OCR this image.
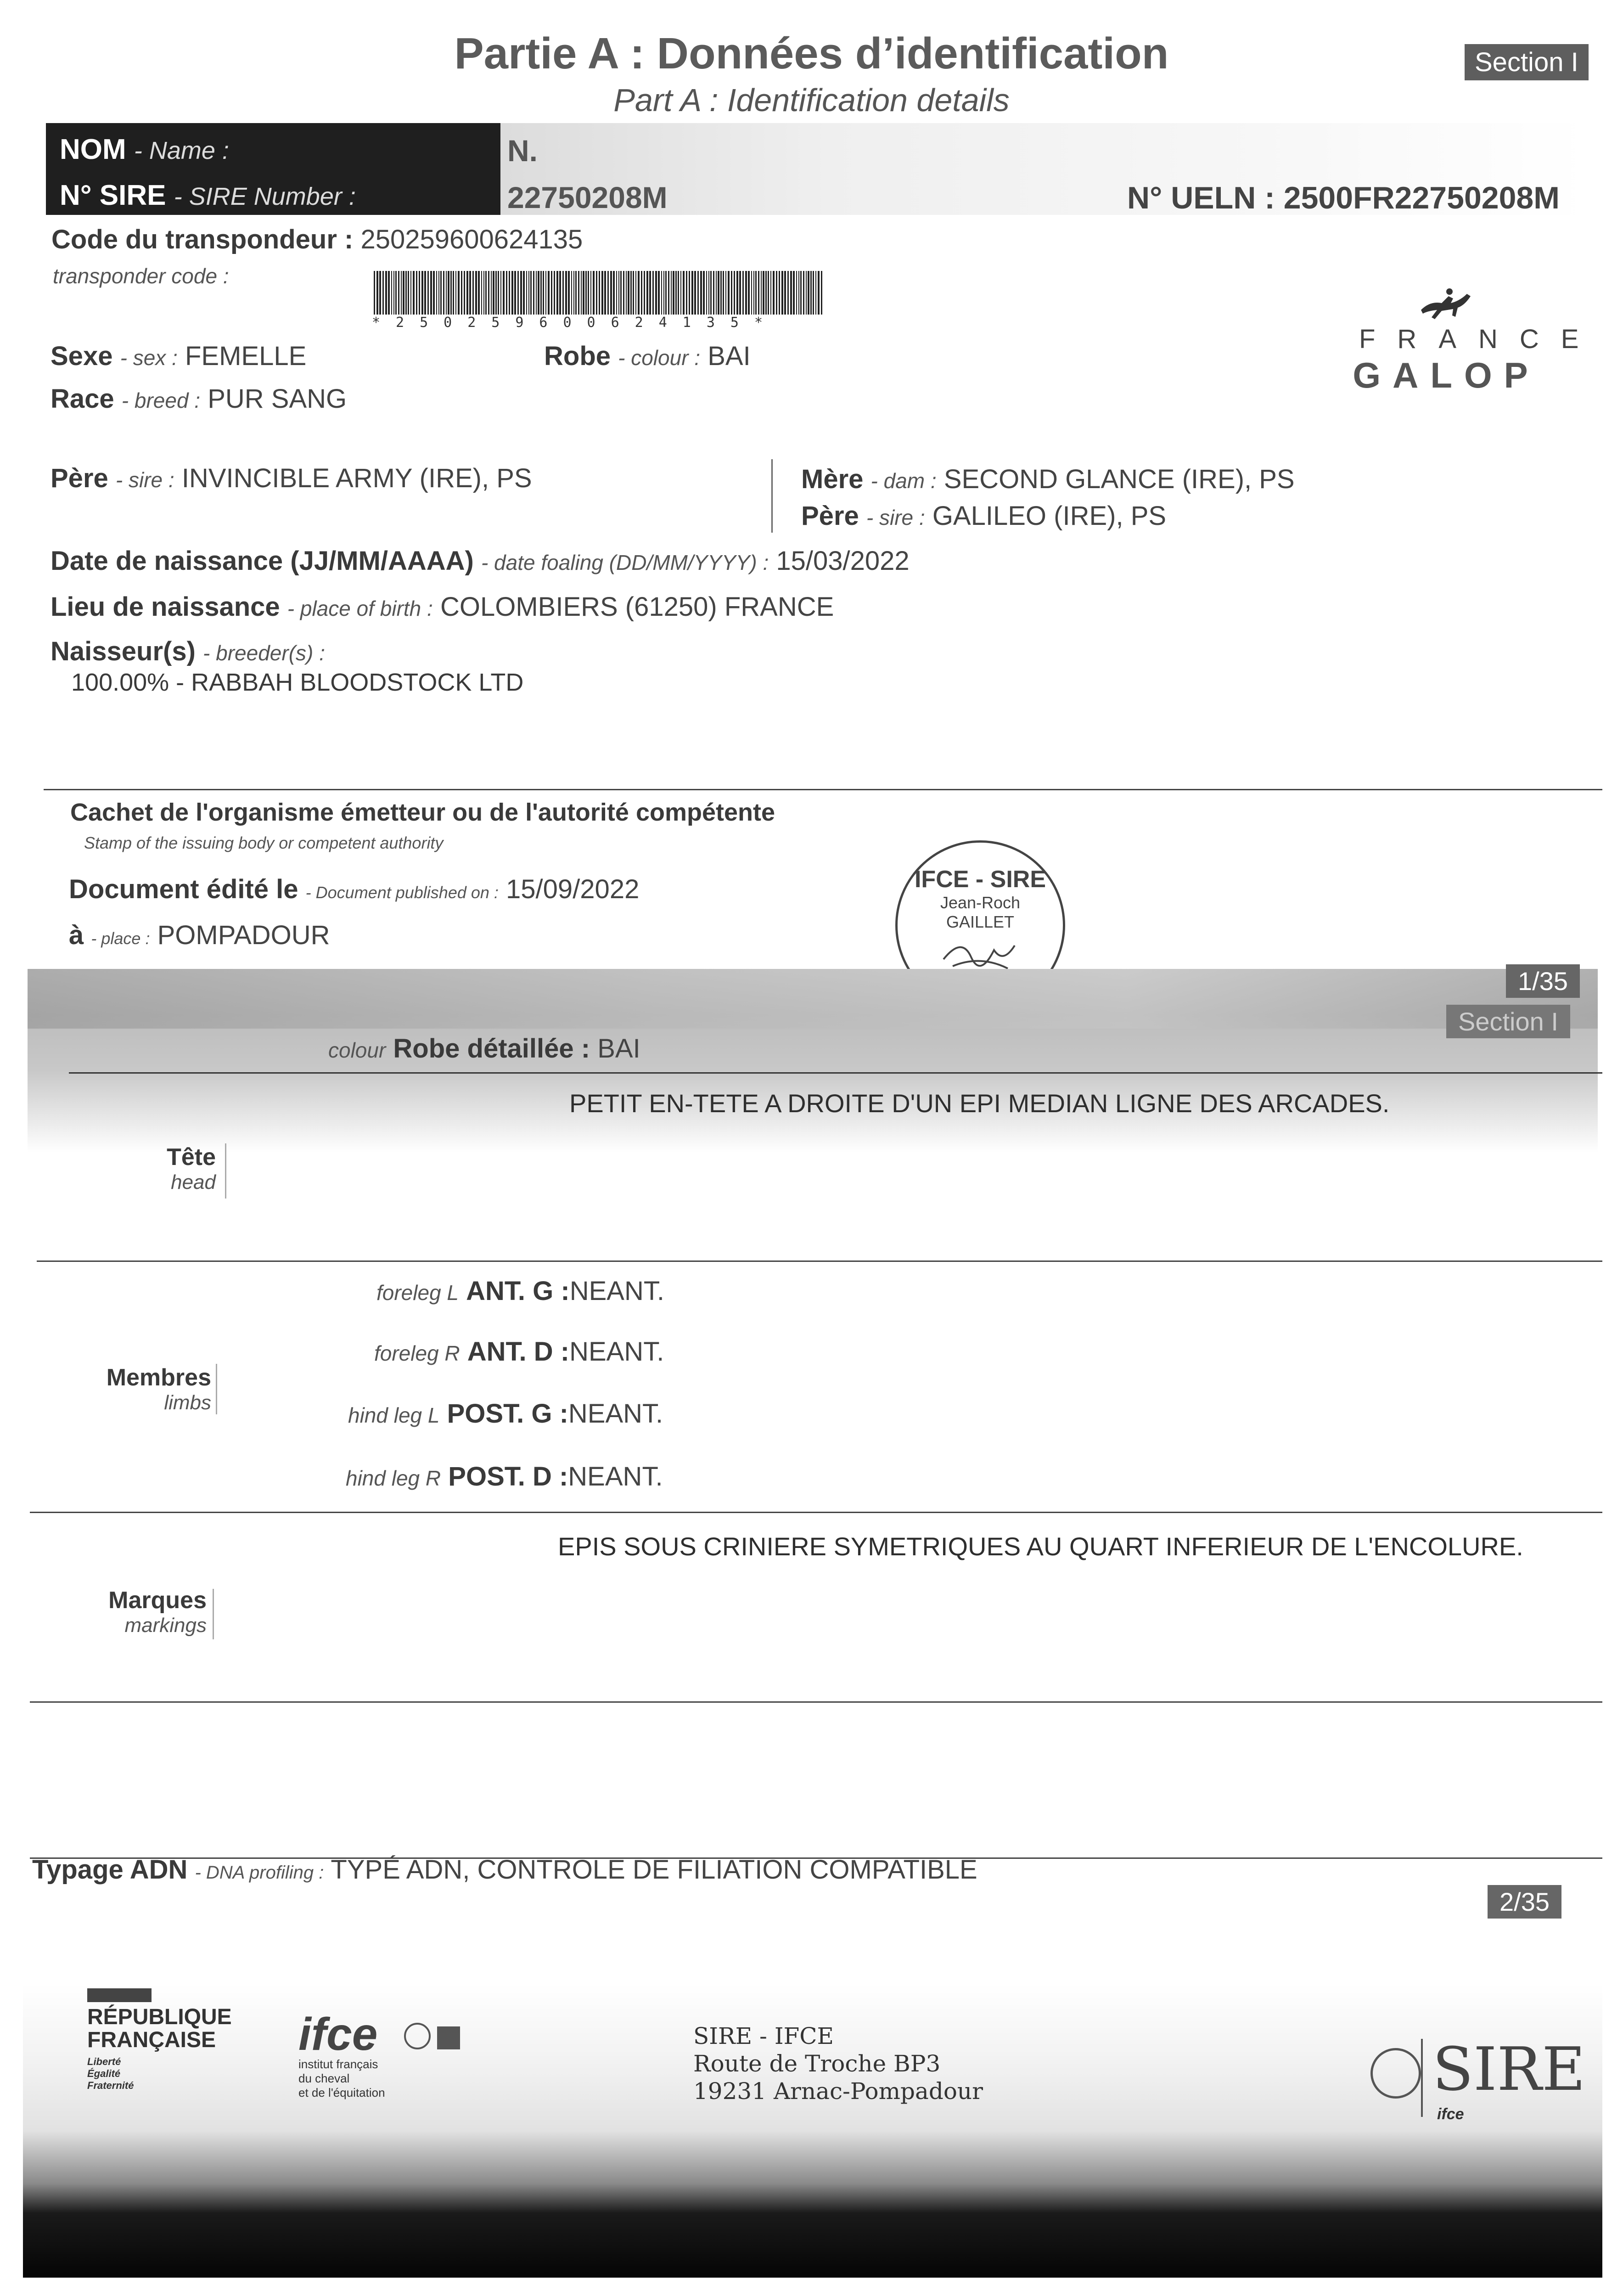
Partie A : Données d’identification
Part A : Identification details
Section I
NOM - Name :	N.
N° SIRE - SIRE Number :	22750208M	N° UELN : 2500FR22750208M
Code du transpondeur : 250259600624135
transponder code :
*250259600624135*
Sexe - sex : FEMELLE	Robe - colour : BAI
Race - breed : PUR SANG
FRANCE
GALOP
Père - sire : INVINCIBLE ARMY (IRE), PS	Mère - dam : SECOND GLANCE (IRE), PS
Père - sire : GALILEO (IRE), PS
Date de naissance (JJ/MM/AAAA) - date foaling (DD/MM/YYYY) : 15/03/2022
Lieu de naissance - place of birth : COLOMBIERS (61250) FRANCE
Naisseur(s) - breeder(s) :
100.00% - RABBAH BLOODSTOCK LTD
Cachet de l'organisme émetteur ou de l'autorité compétente
Stamp of the issuing body or competent authority
Document édité le - Document published on : 15/09/2022
à - place : POMPADOUR
IFCE - SIRE
Jean-Roch
GAILLET
1/35
Section I
colour Robe détaillée : BAI
PETIT EN-TETE A DROITE D'UN EPI MEDIAN LIGNE DES ARCADES.
Tête
head
Membres
limbs
foreleg L ANT. G :NEANT.
foreleg R ANT. D :NEANT.
hind leg L POST. G :NEANT.
hind leg R POST. D :NEANT.
EPIS SOUS CRINIERE SYMETRIQUES AU QUART INFERIEUR DE L'ENCOLURE.
Marques
markings
Typage ADN - DNA profiling : TYPÉ ADN, CONTROLE DE FILIATION COMPATIBLE
2/35
RÉPUBLIQUE
FRANÇAISE
Liberté
Égalité
Fraternité
ifce
institut français
du cheval
et de l'équitation

SIRE - IFCE
Route de Troche BP3
19231 Arnac-Pompadour	SIRE
ifce
